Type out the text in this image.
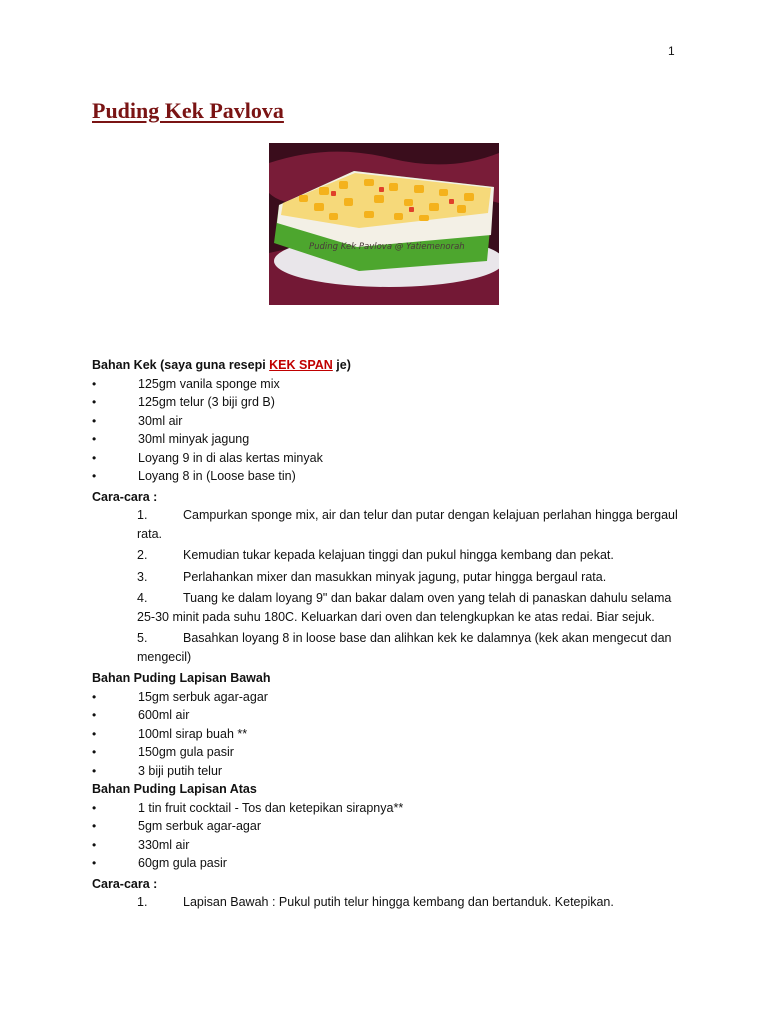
1
Puding Kek Pavlova
Puding Kek Pavlova @ Yatiemenorah

Bahan Kek (saya guna resepi KEK SPAN je)

• 125gm vanila sponge mix
• 125gm telur (3 biji grd B)
• 30ml air
• 30ml minyak jagung
• Loyang 9 in di alas kertas minyak
• Loyang 8 in (Loose base tin)

Cara-cara :

1.	Campurkan sponge mix, air dan telur dan putar dengan kelajuan perlahan hingga bergaul rata.
2.	Kemudian tukar kepada kelajuan tinggi dan pukul hingga kembang dan pekat.
3.	Perlahankan mixer dan masukkan minyak jagung, putar hingga bergaul rata.
4.	Tuang ke dalam loyang 9" dan bakar dalam oven yang telah di panaskan dahulu selama 25-30 minit pada suhu 180C. Keluarkan dari oven dan telengkupkan ke atas redai. Biar sejuk.
5.	Basahkan loyang 8 in loose base dan alihkan kek ke dalamnya (kek akan mengecut dan mengecil)

Bahan Puding Lapisan Bawah

• 15gm serbuk agar-agar
• 600ml air
• 100ml sirap buah **
• 150gm gula pasir
• 3 biji putih telur

Bahan Puding Lapisan Atas

• 1 tin fruit cocktail - Tos dan ketepikan sirapnya**
• 5gm serbuk agar-agar
• 330ml air
• 60gm gula pasir

Cara-cara :

1.	Lapisan Bawah : Pukul putih telur hingga kembang dan bertanduk. Ketepikan.
